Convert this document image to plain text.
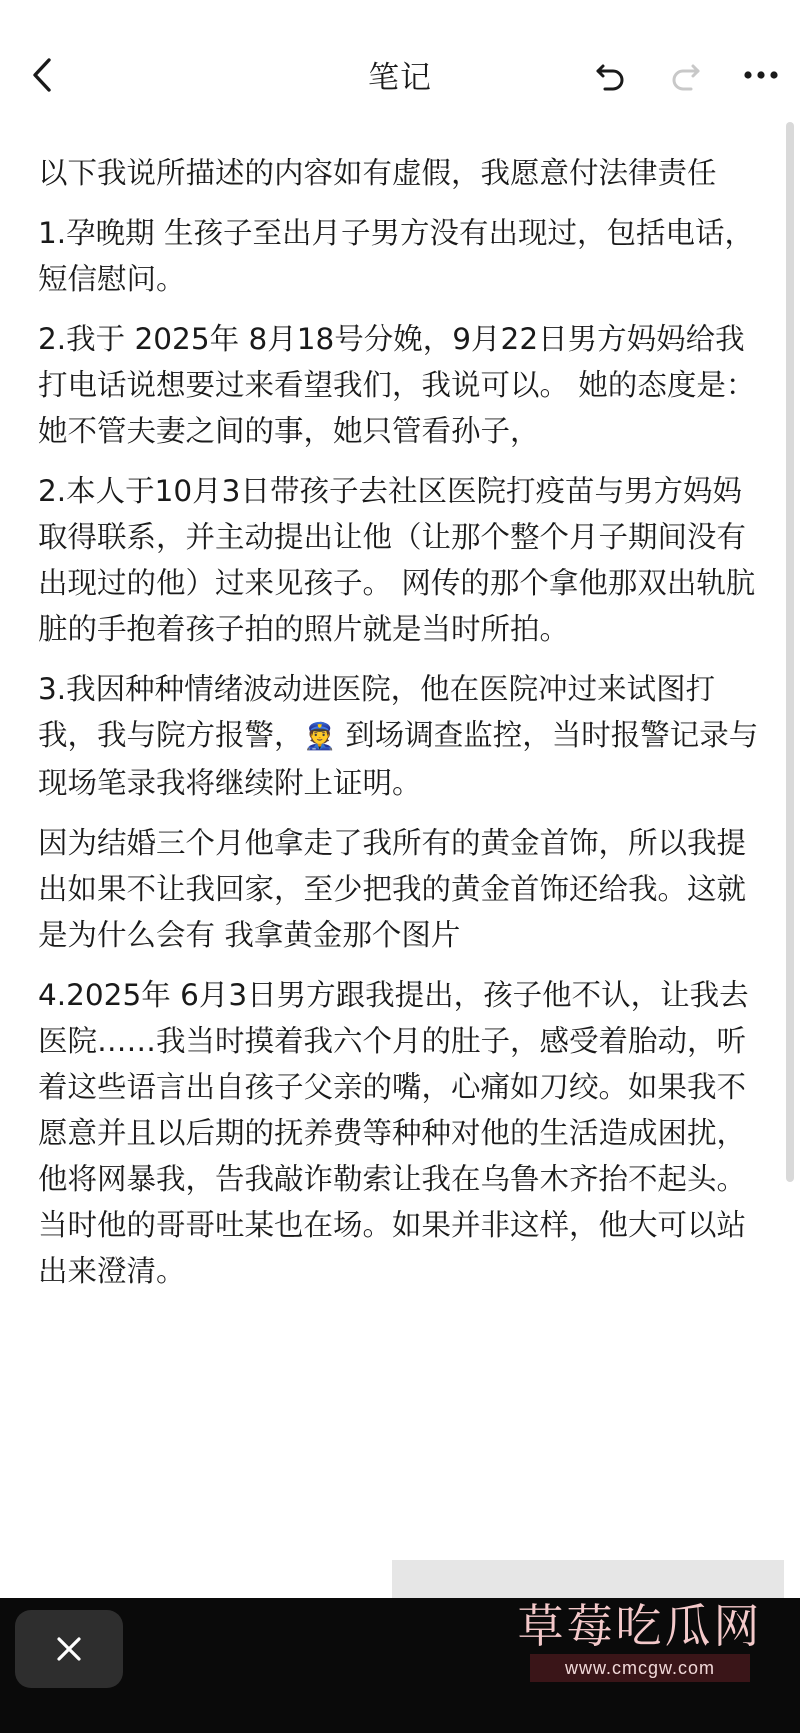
笔记

以下我说所描述的内容如有虚假，我愿意付法律责任

1.孕晚期 生孩子至出月子男方没有出现过，包括电话，短信慰问。

2.我于 2025年 8月18号分娩，9月22日男方妈妈给我打电话说想要过来看望我们，我说可以。 她的态度是：她不管夫妻之间的事，她只管看孙子，

2.本人于10月3日带孩子去社区医院打疫苗与男方妈妈取得联系，并主动提出让他（让那个整个月子期间没有出现过的他）过来见孩子。 网传的那个拿他那双出轨肮脏的手抱着孩子拍的照片就是当时所拍。

3.我因种种情绪波动进医院，他在医院冲过来试图打我，我与院方报警，👮 到场调查监控，当时报警记录与现场笔录我将继续附上证明。

因为结婚三个月他拿走了我所有的黄金首饰，所以我提出如果不让我回家，至少把我的黄金首饰还给我。这就是为什么会有 我拿黄金那个图片

4.2025年 6月3日男方跟我提出，孩子他不认，让我去医院……我当时摸着我六个月的肚子，感受着胎动，听着这些语言出自孩子父亲的嘴，心痛如刀绞。如果我不愿意并且以后期的抚养费等种种对他的生活造成困扰，他将网暴我，告我敲诈勒索让我在乌鲁木齐抬不起头。当时他的哥哥吐某也在场。如果并非这样，他大可以站出来澄清。

草莓吃瓜网
www.cmcgw.com
